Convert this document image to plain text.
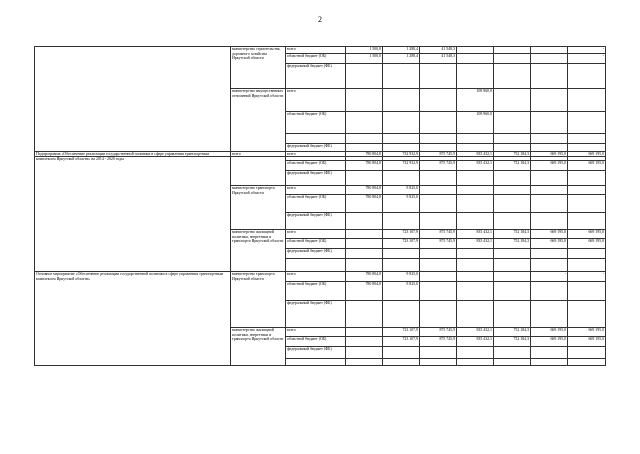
2
	министерство строительства, дорожного хозяйства Иркутской области	всего	1 500,0	1 288,4	41 548,3				-
		областной бюджет (ОБ)	1 500,0	1 288,4	41 548,3				-
		федеральный бюджет (ФБ)							
	министерство имущественных отношений Иркутской области	всего				108 960,0			
		областной бюджет (ОБ)				108 960,0			

		федеральный бюджет (ФБ)							
Подпрограмма «Обеспечение реализации государственной политики в сфере управления транспортным комплексом Иркутской области» на 2014 - 2020 годы	всего	всего	780 804,8	732 932,9	875 745,9	835 432,1	752 184,3	669 195,0	669 195,0
		областной бюджет (ОБ)	780 804,8	732 932,9	875 745,9	835 432,1	752 184,3	669 195,0	669 195,0
		федеральный бюджет (ФБ)							
	министерство транспорта Иркутской области	всего	780 804,8	9 825,0					
		областной бюджет (ОБ)	780 804,8	9 825,0					
		федеральный бюджет (ФБ)							
	министерство жилищной политики, энергетики и транспорта Иркутской области	всего		723 107,9	875 745,9	835 432,1	752 184,3	669 195,0	669 195,0
		областной бюджет (ОБ)		723 107,9	875 745,9	835 432,1	752 184,3	669 195,0	669 195,0
		федеральный бюджет (ФБ)							

Основное мероприятие «Обеспечение реализации государственной политики в сфере управления транспортным комплексом Иркутской области»	министерство транспорта Иркутской области	всего	780 804,8	9 825,0				-	-
		областной бюджет (ОБ)	780 804,8	9 825,0					
		федеральный бюджет (ФБ)							
	министерство жилищной политики, энергетики и транспорта Иркутской области	всего		723 107,9	875 745,9	835 432,1	752 184,3	669 195,0	669 195,0
		областной бюджет (ОБ)		723 107,9	875 745,9	835 432,1	752 184,3	669 195,0	669 195,0
		федеральный бюджет (ФБ)							
